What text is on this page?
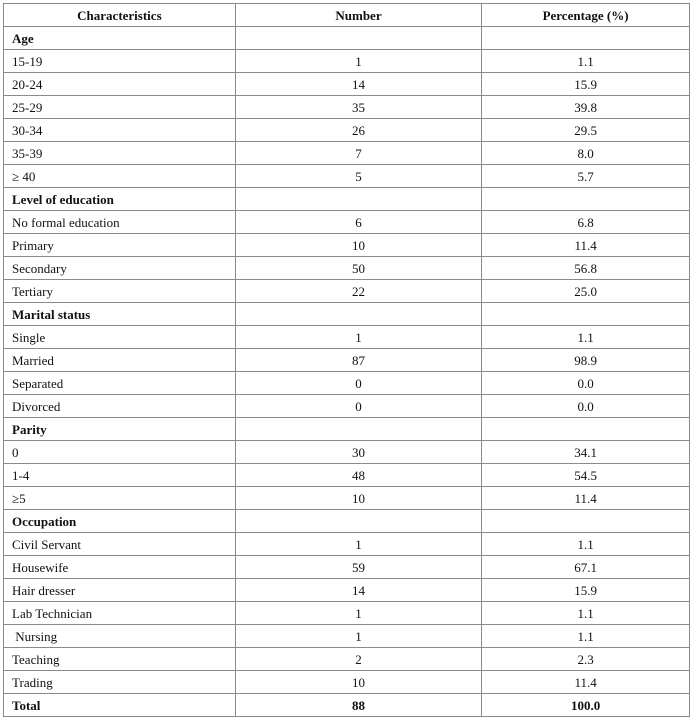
Characteristics	Number	Percentage (%)
Age		
15-19	1	1.1
20-24	14	15.9
25-29	35	39.8
30-34	26	29.5
35-39	7	8.0
≥ 40	5	5.7
Level of education		
No formal education	6	6.8
Primary	10	11.4
Secondary	50	56.8
Tertiary	22	25.0
Marital status		
Single	1	1.1
Married	87	98.9
Separated	0	0.0
Divorced	0	0.0
Parity		
0	30	34.1
1-4	48	54.5
≥5	10	11.4
Occupation		
Civil Servant	1	1.1
Housewife	59	67.1
Hair dresser	14	15.9
Lab Technician	1	1.1
Nursing	1	1.1
Teaching	2	2.3
Trading	10	11.4
Total	88	100.0
